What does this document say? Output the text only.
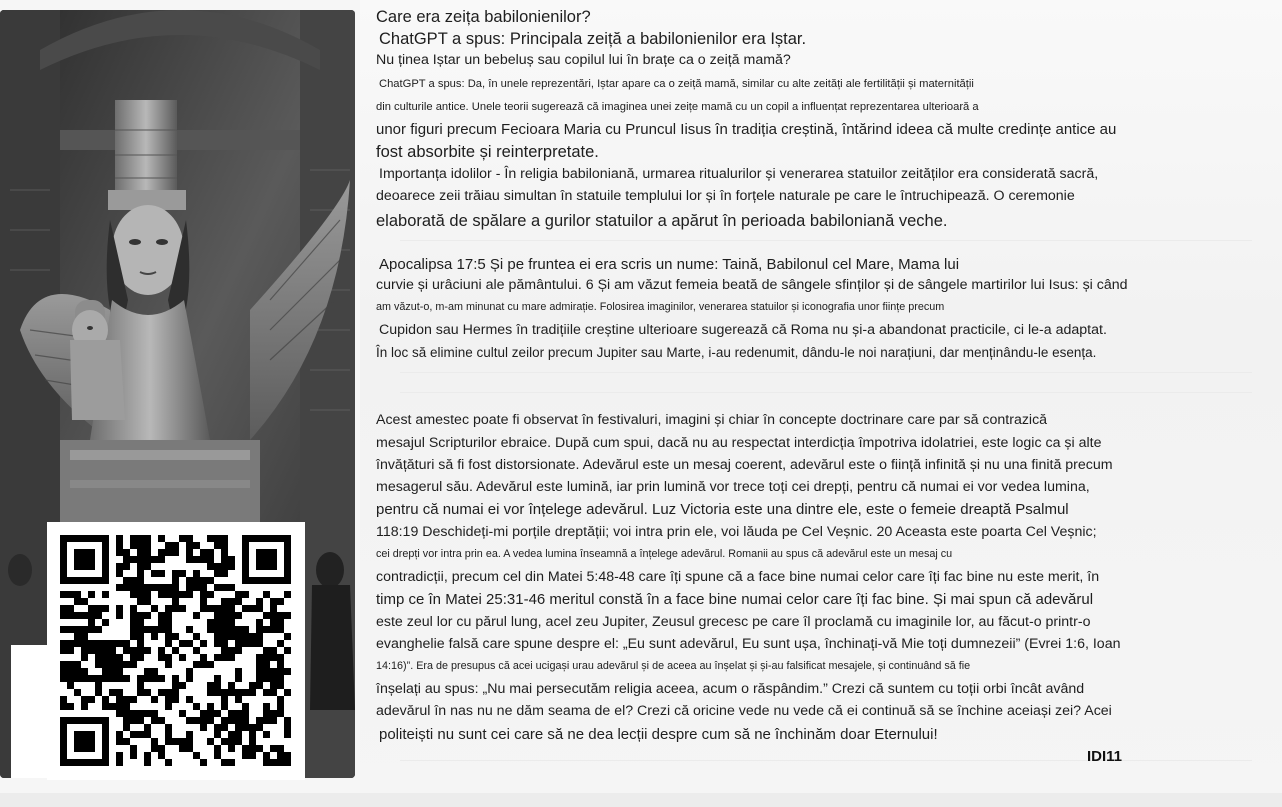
Care era zeița babilonienilor?
ChatGPT a spus: Principala zeiță a babilonienilor era Iștar.
Nu ținea Iștar un bebeluș sau copilul lui în brațe ca o zeiță mamă?
ChatGPT a spus: Da, în unele reprezentări, Iștar apare ca o zeiță mamă, similar cu alte zeități ale fertilității și maternității
din culturile antice. Unele teorii sugerează că imaginea unei zeițe mamă cu un copil a influențat reprezentarea ulterioară a
unor figuri precum Fecioara Maria cu Pruncul Iisus în tradiția creștină, întărind ideea că multe credințe antice au
fost absorbite și reinterpretate.
Importanța idolilor - În religia babiloniană, urmarea ritualurilor și venerarea statuilor zeităților era considerată sacră,
deoarece zeii trăiau simultan în statuile templului lor și în forțele naturale pe care le întruchipează. O ceremonie
elaborată de spălare a gurilor statuilor a apărut în perioada babiloniană veche.
Apocalipsa 17:5 Și pe fruntea ei era scris un nume: Taină, Babilonul cel Mare, Mama lui
curvie și urâciuni ale pământului. 6 Și am văzut femeia beată de sângele sfinților și de sângele martirilor lui Isus: și când
am văzut-o, m-am minunat cu mare admirație. Folosirea imaginilor, venerarea statuilor și iconografia unor ființe precum
Cupidon sau Hermes în tradițiile creștine ulterioare sugerează că Roma nu și-a abandonat practicile, ci le-a adaptat.
În loc să elimine cultul zeilor precum Jupiter sau Marte, i-au redenumit, dându-le noi narațiuni, dar menținându-le esența.
Acest amestec poate fi observat în festivaluri, imagini și chiar în concepte doctrinare care par să contrazică
mesajul Scripturilor ebraice. După cum spui, dacă nu au respectat interdicția împotriva idolatriei, este logic ca și alte
învățături să fi fost distorsionate. Adevărul este un mesaj coerent, adevărul este o ființă infinită și nu una finită precum
mesagerul său. Adevărul este lumină, iar prin lumină vor trece toți cei drepți, pentru că numai ei vor vedea lumina,
pentru că numai ei vor înțelege adevărul. Luz Victoria este una dintre ele, este o femeie dreaptă Psalmul
118:19 Deschideți-mi porțile dreptății; voi intra prin ele, voi lăuda pe Cel Veșnic. 20 Aceasta este poarta Cel Veșnic;
cei drepți vor intra prin ea. A vedea lumina înseamnă a înțelege adevărul. Romanii au spus că adevărul este un mesaj cu
contradicții, precum cel din Matei 5:48-48 care îți spune că a face bine numai celor care îți fac bine nu este merit, în
timp ce în Matei 25:31-46 meritul constă în a face bine numai celor care îți fac bine. Și mai spun că adevărul
este zeul lor cu părul lung, acel zeu Jupiter, Zeusul grecesc pe care îl proclamă cu imaginile lor, au făcut-o printr-o
evanghelie falsă care spune despre el: „Eu sunt adevărul, Eu sunt ușa, închinați-vă Mie toți dumnezeii” (Evrei 1:6, Ioan
14:16)”. Era de presupus că acei ucigași urau adevărul și de aceea au înșelat și și-au falsificat mesajele, și continuând să fie
înșelați au spus: „Nu mai persecutăm religia aceea, acum o răspândim.” Crezi că suntem cu toții orbi încât având
adevărul în nas nu ne dăm seama de el? Crezi că oricine vede nu vede că ei continuă să se închine aceiași zei? Acei
politeiști nu sunt cei care să ne dea lecții despre cum să ne închinăm doar Eternului!
IDI11
